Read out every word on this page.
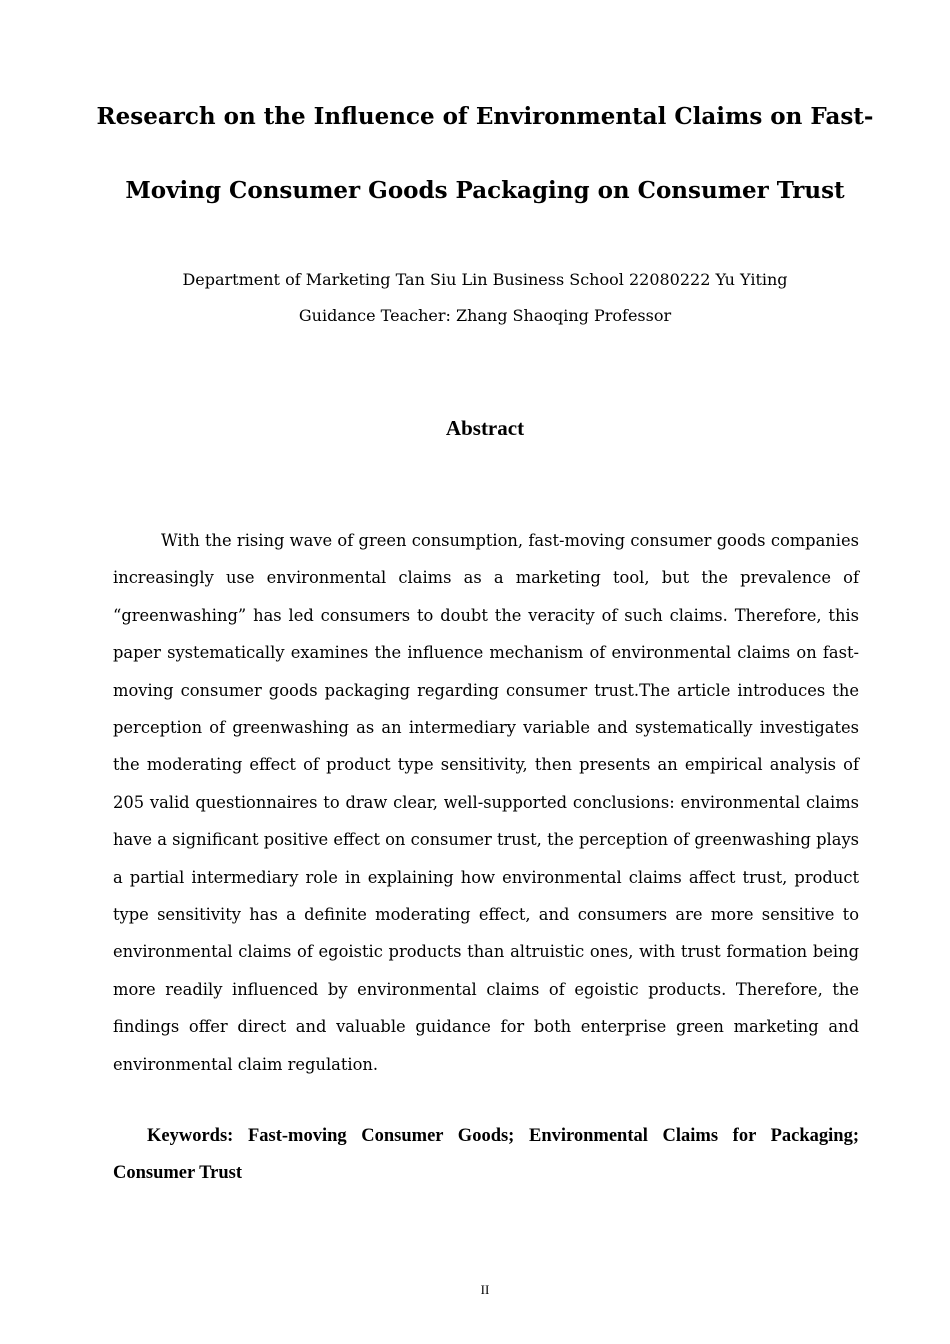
Research on the Influence of Environmental Claims on Fast-
Moving Consumer Goods Packaging on Consumer Trust

Department of Marketing Tan Siu Lin Business School 22080222 Yu Yiting

Guidance Teacher: Zhang Shaoqing Professor

Abstract

With the rising wave of green consumption, fast-moving consumer goods companies increasingly use environmental claims as a marketing tool, but the prevalence of “greenwashing” has led consumers to doubt the veracity of such claims. Therefore, this paper systematically examines the influence mechanism of environmental claims on fast-moving consumer goods packaging regarding consumer trust.The article introduces the perception of greenwashing as an intermediary variable and systematically investigates the moderating effect of product type sensitivity, then presents an empirical analysis of 205 valid questionnaires to draw clear, well-supported conclusions: environmental claims have a significant positive effect on consumer trust, the perception of greenwashing plays a partial intermediary role in explaining how environmental claims affect trust, product type sensitivity has a definite moderating effect, and consumers are more sensitive to environmental claims of egoistic products than altruistic ones, with trust formation being more readily influenced by environmental claims of egoistic products. Therefore, the findings offer direct and valuable guidance for both enterprise green marketing and environmental claim regulation.

Keywords: Fast-moving Consumer Goods; Environmental Claims for Packaging; Consumer Trust

II
